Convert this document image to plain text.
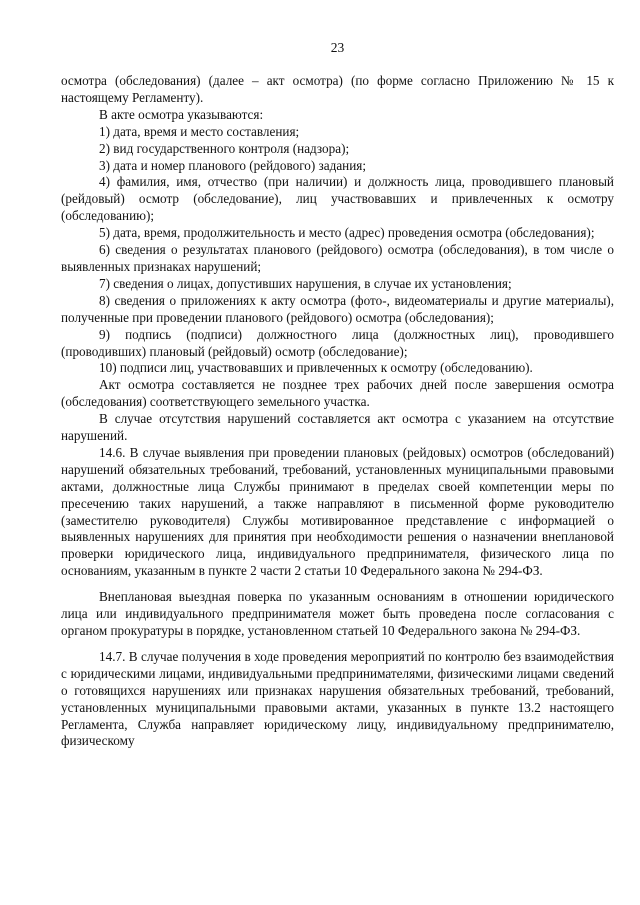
23

осмотра (обследования) (далее – акт осмотра) (по форме согласно Приложению № 15 к настоящему Регламенту).

В акте осмотра указываются:

1) дата, время и место составления;
2) вид государственного контроля (надзора);
3) дата и номер планового (рейдового) задания;
4) фамилия, имя, отчество (при наличии) и должность лица, проводившего плановый (рейдовый) осмотр (обследование), лиц участвовавших и привлеченных к осмотру (обследованию);
5) дата, время, продолжительность и место (адрес) проведения осмотра (обследования);
6) сведения о результатах планового (рейдового) осмотра (обследования), в том числе о выявленных признаках нарушений;
7) сведения о лицах, допустивших нарушения, в случае их установления;
8) сведения о приложениях к акту осмотра (фото-, видеоматериалы и другие материалы), полученные при проведении планового (рейдового) осмотра (обследования);
9) подпись (подписи) должностного лица (должностных лиц), проводившего (проводивших) плановый (рейдовый) осмотр (обследование);
10) подписи лиц, участвовавших и привлеченных к осмотру (обследованию).

Акт осмотра составляется не позднее трех рабочих дней после завершения осмотра (обследования) соответствующего земельного участка.

В случае отсутствия нарушений составляется акт осмотра с указанием на отсутствие нарушений.

14.6. В случае выявления при проведении плановых (рейдовых) осмотров (обследований) нарушений обязательных требований, требований, установленных муниципальными правовыми актами, должностные лица Службы принимают в пределах своей компетенции меры по пресечению таких нарушений, а также направляют в письменной форме руководителю (заместителю руководителя) Службы мотивированное представление с информацией о выявленных нарушениях для принятия при необходимости решения о назначении внеплановой проверки юридического лица, индивидуального предпринимателя, физического лица по основаниям, указанным в пункте 2 части 2 статьи 10 Федерального закона № 294-ФЗ.

Внеплановая выездная поверка по указанным основаниям в отношении юридического лица или индивидуального предпринимателя может быть проведена после согласования с органом прокуратуры в порядке, установленном статьей 10 Федерального закона № 294-ФЗ.

14.7. В случае получения в ходе проведения мероприятий по контролю без взаимодействия с юридическими лицами, индивидуальными предпринимателями, физическими лицами сведений о готовящихся нарушениях или признаках нарушения обязательных требований, требований, установленных муниципальными правовыми актами, указанных в пункте 13.2 настоящего Регламента, Служба направляет юридическому лицу, индивидуальному предпринимателю, физическому
